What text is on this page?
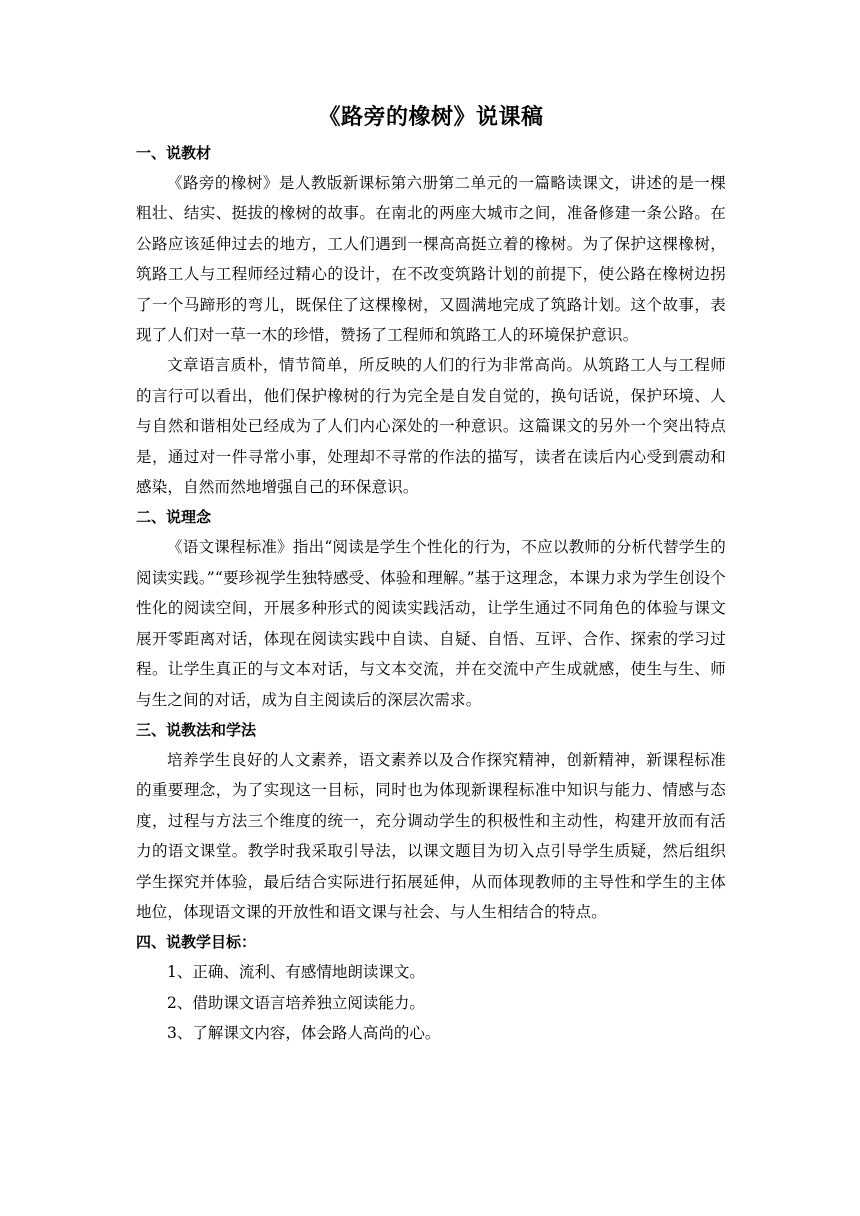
《路旁的橡树》说课稿

一、说教材

《路旁的橡树》是人教版新课标第六册第二单元的一篇略读课文，讲述的是一棵粗壮、结实、挺拔的橡树的故事。在南北的两座大城市之间，准备修建一条公路。在公路应该延伸过去的地方，工人们遇到一棵高高挺立着的橡树。为了保护这棵橡树，筑路工人与工程师经过精心的设计，在不改变筑路计划的前提下，使公路在橡树边拐了一个马蹄形的弯儿，既保住了这棵橡树，又圆满地完成了筑路计划。这个故事，表现了人们对一草一木的珍惜，赞扬了工程师和筑路工人的环境保护意识。

文章语言质朴，情节简单，所反映的人们的行为非常高尚。从筑路工人与工程师的言行可以看出，他们保护橡树的行为完全是自发自觉的，换句话说，保护环境、人与自然和谐相处已经成为了人们内心深处的一种意识。这篇课文的另外一个突出特点是，通过对一件寻常小事，处理却不寻常的作法的描写，读者在读后内心受到震动和感染，自然而然地增强自己的环保意识。

二、说理念

《语文课程标准》指出“阅读是学生个性化的行为，不应以教师的分析代替学生的阅读实践。”“要珍视学生独特感受、体验和理解。”基于这理念，本课力求为学生创设个性化的阅读空间，开展多种形式的阅读实践活动，让学生通过不同角色的体验与课文展开零距离对话，体现在阅读实践中自读、自疑、自悟、互评、合作、探索的学习过程。让学生真正的与文本对话，与文本交流，并在交流中产生成就感，使生与生、师与生之间的对话，成为自主阅读后的深层次需求。

三、说教法和学法

培养学生良好的人文素养，语文素养以及合作探究精神，创新精神，新课程标准的重要理念，为了实现这一目标，同时也为体现新课程标准中知识与能力、情感与态度，过程与方法三个维度的统一，充分调动学生的积极性和主动性，构建开放而有活力的语文课堂。教学时我采取引导法，以课文题目为切入点引导学生质疑，然后组织学生探究并体验，最后结合实际进行拓展延伸，从而体现教师的主导性和学生的主体地位，体现语文课的开放性和语文课与社会、与人生相结合的特点。

四、说教学目标：

1、正确、流利、有感情地朗读课文。

2、借助课文语言培养独立阅读能力。

3、了解课文内容，体会路人高尚的心。
